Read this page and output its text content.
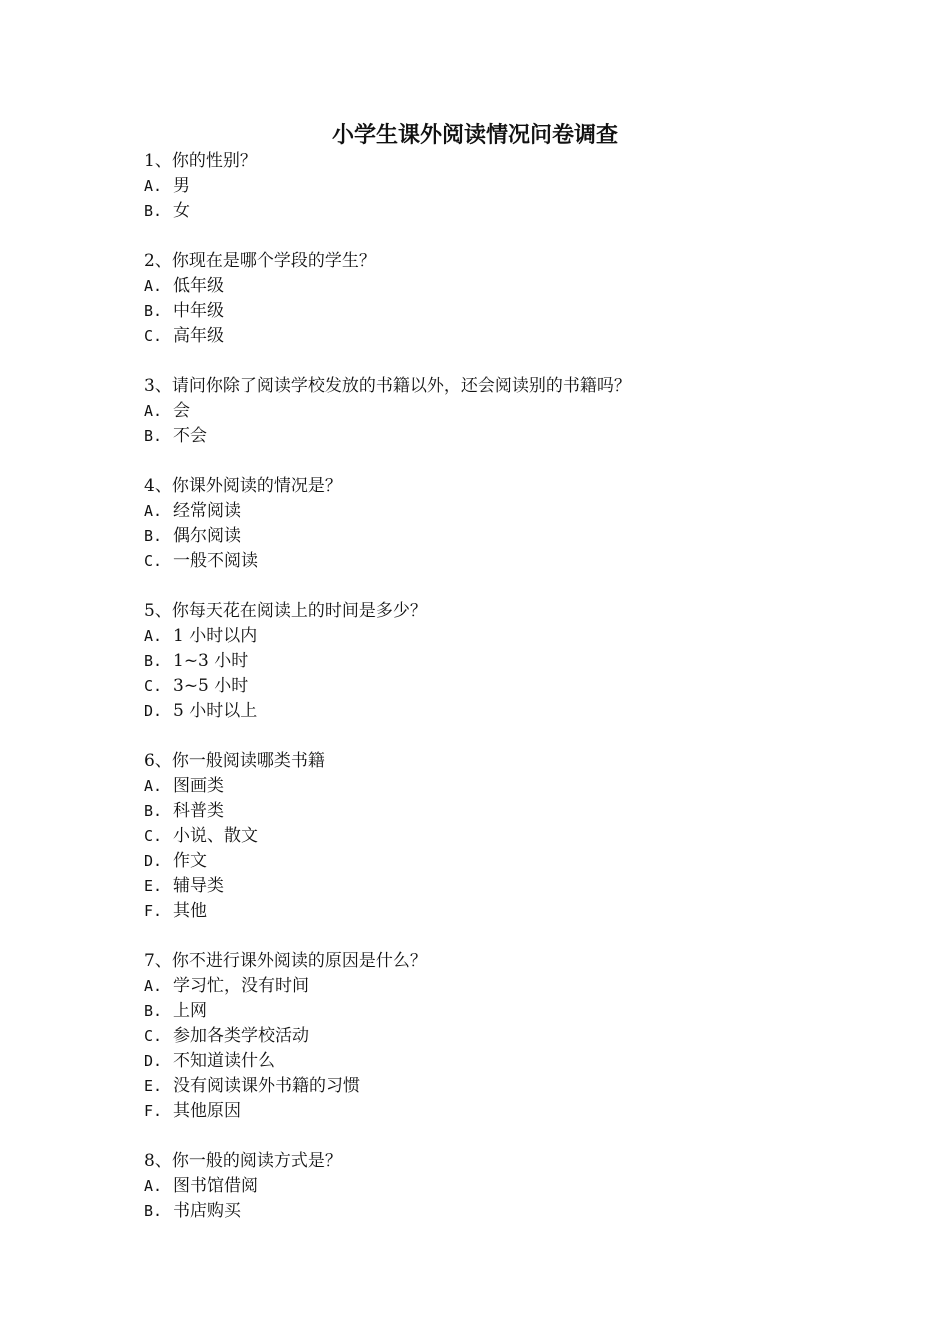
小学生课外阅读情况问卷调查
1、你的性别？
A. 男
B. 女
2、你现在是哪个学段的学生？
A. 低年级
B. 中年级
C. 高年级
3、请问你除了阅读学校发放的书籍以外，还会阅读别的书籍吗？
A. 会
B. 不会
4、你课外阅读的情况是？
A. 经常阅读
B. 偶尔阅读
C. 一般不阅读
5、你每天花在阅读上的时间是多少？
A. 1 小时以内
B. 1~3 小时
C. 3~5 小时
D. 5 小时以上
6、你一般阅读哪类书籍
A. 图画类
B. 科普类
C. 小说、散文
D. 作文
E. 辅导类
F. 其他
7、你不进行课外阅读的原因是什么？
A. 学习忙，没有时间
B. 上网
C. 参加各类学校活动
D. 不知道读什么
E. 没有阅读课外书籍的习惯
F. 其他原因
8、你一般的阅读方式是？
A. 图书馆借阅
B. 书店购买
